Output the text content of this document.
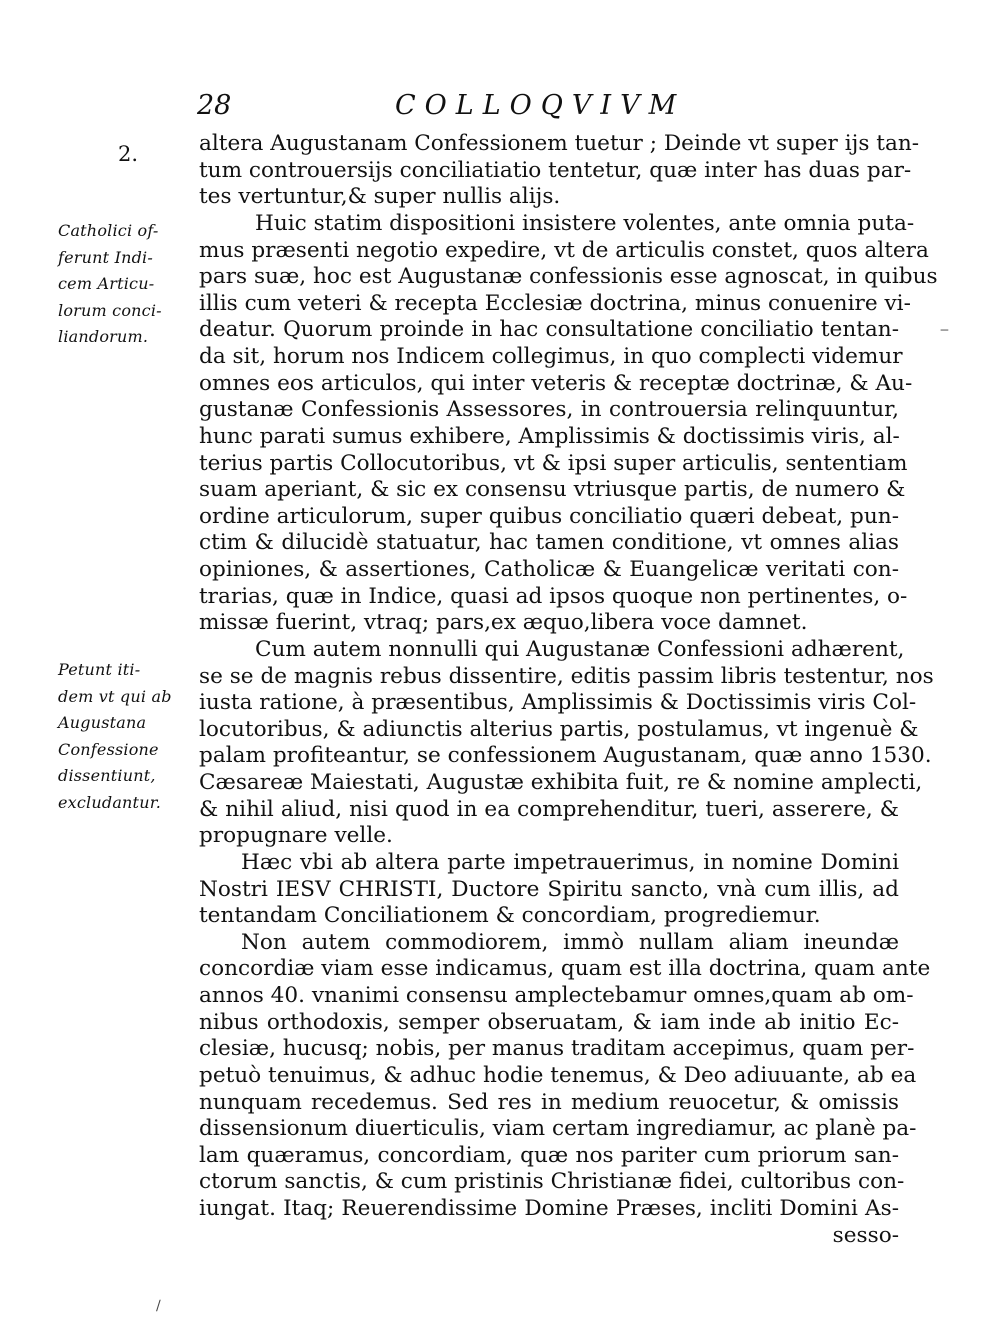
28	COLLOQVIVM
2.
Catholici of-
ferunt Indi-
cem Articu-
lorum conci-
liandorum.
Petunt iti-
dem vt qui ab
Augustana
Confessione
dissentiunt,
excludantur.
altera Augustanam Confessionem tuetur ; Deinde vt super ijs tan-
tum controuersijs conciliatiatio tentetur, quæ inter has duas par-
tes vertuntur,& super nullis alijs.
Huic statim dispositioni insistere volentes, ante omnia puta-
mus præsenti negotio expedire, vt de articulis constet, quos altera
pars suæ, hoc est Augustanæ confessionis esse agnoscat, in quibus
illis cum veteri & recepta Ecclesiæ doctrina, minus conuenire vi-
deatur. Quorum proinde in hac consultatione conciliatio tentan-
da sit, horum nos Indicem collegimus, in quo complecti videmur
omnes eos articulos, qui inter veteris & receptæ doctrinæ, & Au-
gustanæ Confessionis Assessores, in controuersia relinquuntur,
hunc parati sumus exhibere, Amplissimis & doctissimis viris, al-
terius partis Collocutoribus, vt & ipsi super articulis, sententiam
suam aperiant, & sic ex consensu vtriusque partis, de numero &
ordine articulorum, super quibus conciliatio quæri debeat, pun-
ctim & dilucidè statuatur, hac tamen conditione, vt omnes alias
opiniones, & assertiones, Catholicæ & Euangelicæ veritati con-
trarias, quæ in Indice, quasi ad ipsos quoque non pertinentes, o-
missæ fuerint, vtraq; pars,ex æquo,libera voce damnet.
Cum autem nonnulli qui Augustanæ Confessioni adhærent,
se se de magnis rebus dissentire, editis passim libris testentur, nos
iusta ratione, à præsentibus, Amplissimis & Doctissimis viris Col-
locutoribus, & adiunctis alterius partis, postulamus, vt ingenuè &
palam profiteantur, se confessionem Augustanam, quæ anno 1530.
Cæsareæ Maiestati, Augustæ exhibita fuit, re & nomine amplecti,
& nihil aliud, nisi quod in ea comprehenditur, tueri, asserere, &
propugnare velle.
Hæc vbi ab altera parte impetrauerimus, in nomine Domini
Nostri IESV CHRISTI, Ductore Spiritu sancto, vnà cum illis, ad
tentandam Conciliationem & concordiam, progrediemur.
Non autem commodiorem, immò nullam aliam ineundæ
concordiæ viam esse indicamus, quam est illa doctrina, quam ante
annos 40. vnanimi consensu amplectebamur omnes,quam ab om-
nibus orthodoxis, semper obseruatam, & iam inde ab initio Ec-
clesiæ, hucusq; nobis, per manus traditam accepimus, quam per-
petuò tenuimus, & adhuc hodie tenemus, & Deo adiuuante, ab ea
nunquam recedemus. Sed res in medium reuocetur, & omissis
dissensionum diuerticulis, viam certam ingrediamur, ac planè pa-
lam quæramus, concordiam, quæ nos pariter cum priorum san-
ctorum sanctis, & cum pristinis Christianæ fidei, cultoribus con-
iungat. Itaq; Reuerendissime Domine Præses, incliti Domini As-
sesso-
‒
∕
